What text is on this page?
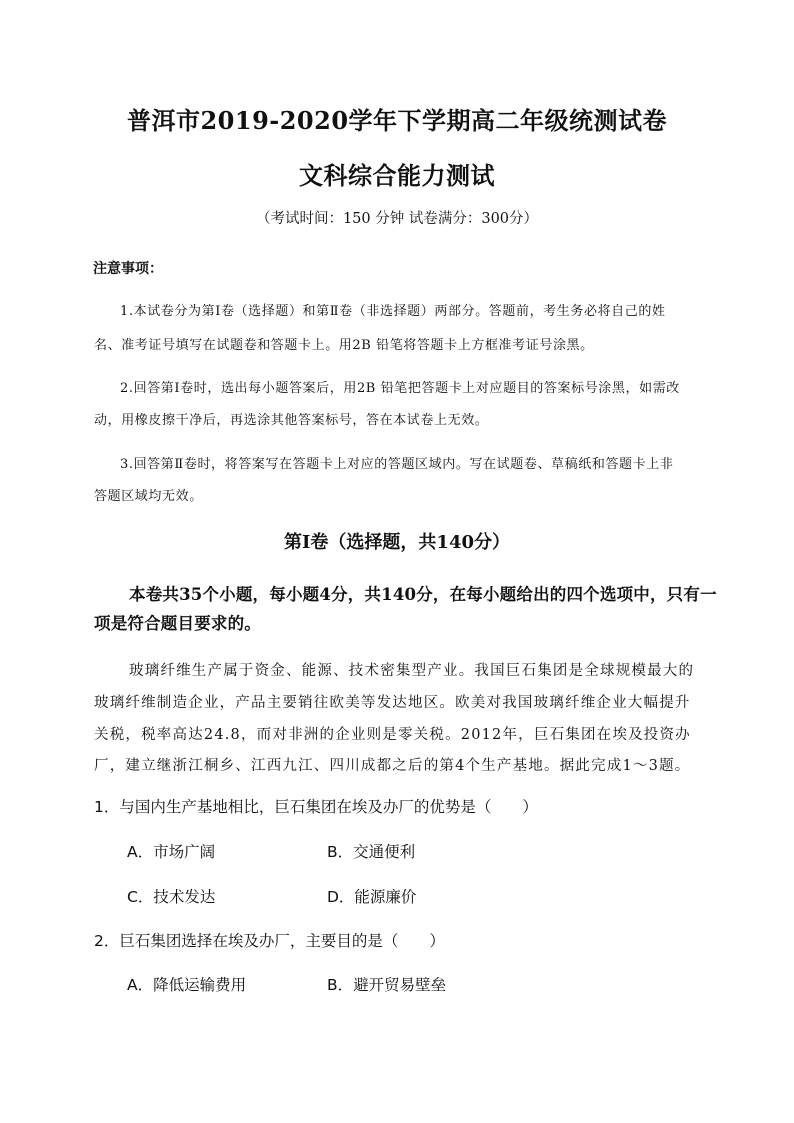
普洱市2019-2020学年下学期高二年级统测试卷
文科综合能力测试
（考试时间：150 分钟 试卷满分：300分）
注意事项：
1.本试卷分为第Ⅰ卷（选择题）和第Ⅱ卷（非选择题）两部分。答题前，考生务必将自己的姓
名、准考证号填写在试题卷和答题卡上。用2B 铅笔将答题卡上方框准考证号涂黑。
2.回答第Ⅰ卷时，选出每小题答案后，用2B 铅笔把答题卡上对应题目的答案标号涂黑，如需改
动，用橡皮擦干净后，再选涂其他答案标号，答在本试卷上无效。
3.回答第Ⅱ卷时，将答案写在答题卡上对应的答题区域内。写在试题卷、草稿纸和答题卡上非
答题区域均无效。
第Ⅰ卷（选择题，共140分）
本卷共35个小题，每小题4分，共140分，在每小题给出的四个选项中，只有一
项是符合题目要求的。
玻璃纤维生产属于资金、能源、技术密集型产业。我国巨石集团是全球规模最大的
玻璃纤维制造企业，产品主要销往欧美等发达地区。欧美对我国玻璃纤维企业大幅提升
关税，税率高达24.8，而对非洲的企业则是零关税。2012年，巨石集团在埃及投资办
厂，建立继浙江桐乡、江西九江、四川成都之后的第4个生产基地。据此完成1～3题。
1．与国内生产基地相比，巨石集团在埃及办厂的优势是（　　）
A．市场广阔	B．交通便利
C．技术发达	D．能源廉价
2．巨石集团选择在埃及办厂，主要目的是（　　）
A．降低运输费用	B．避开贸易壁垒
